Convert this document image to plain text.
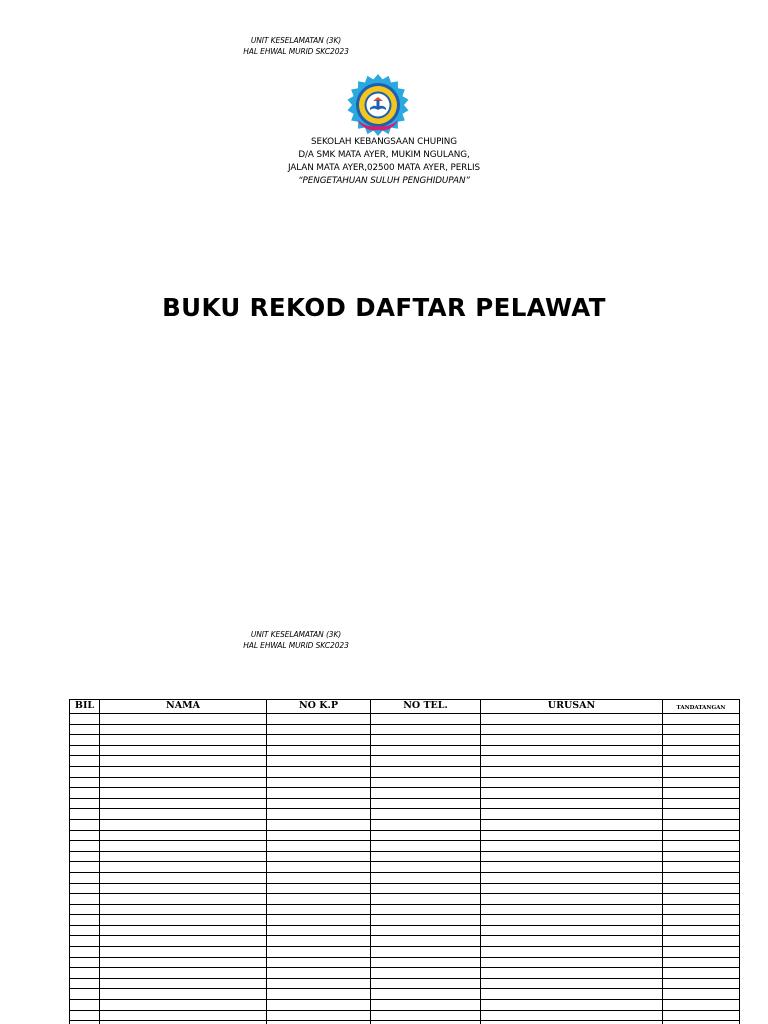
UNIT KESELAMATAN (3K)
HAL EHWAL MURID SKC2023
SEKOLAH KEBANGSAAN CHUPING
D/A SMK MATA AYER, MUKIM NGULANG,
JALAN MATA AYER,02500 MATA AYER, PERLIS
“PENGETAHUAN SULUH PENGHIDUPAN”
BUKU REKOD DAFTAR PELAWAT
UNIT KESELAMATAN (3K)
HAL EHWAL MURID SKC2023
BIL	NAMA	NO K.P	NO TEL.	URUSAN	TANDATANGAN
